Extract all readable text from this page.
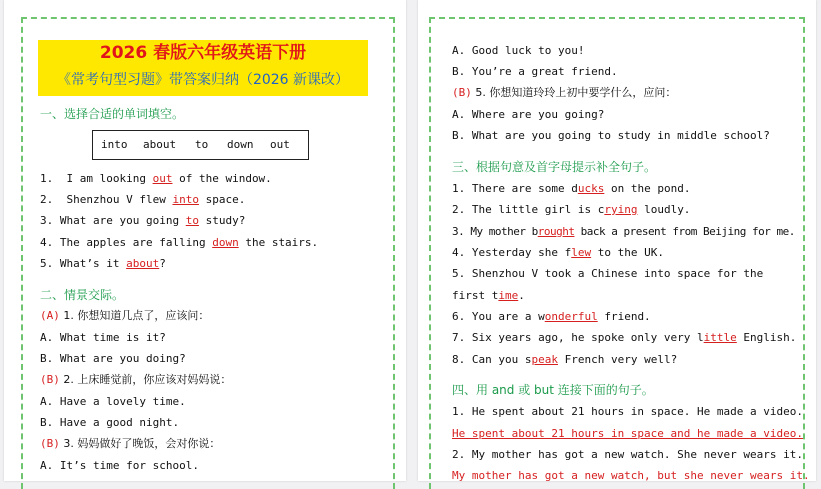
2026 春版六年级英语下册
《常考句型习题》带答案归纳（2026 新课改）
一、选择合适的单词填空。
into about to down out
1. I am looking out of the window.
2. Shenzhou V flew into space.
3. What are you going to study?
4. The apples are falling down the stairs.
5. What’s it about?
二、情景交际。
(A) 1. 你想知道几点了，应该问：
A. What time is it?
B. What are you doing?
(B) 2. 上床睡觉前，你应该对妈妈说：
A. Have a lovely time.
B. Have a good night.
(B) 3. 妈妈做好了晚饭，会对你说：
A. It’s time for school.
A. Good luck to you!
B. You’re a great friend.
(B) 5. 你想知道玲玲上初中要学什么，应问：
A. Where are you going?
B. What are you going to study in middle school?
三、根据句意及首字母提示补全句子。
1. There are some ducks on the pond.
2. The little girl is crying loudly.
3. My mother brought back a present from Beijing for me.
4. Yesterday she flew to the UK.
5. Shenzhou V took a Chinese into space for the
first time.
6. You are a wonderful friend.
7. Six years ago, he spoke only very little English.
8. Can you speak French very well?
四、用 and 或 but 连接下面的句子。
1. He spent about 21 hours in space. He made a video.
He spent about 21 hours in space and he made a video.
2. My mother has got a new watch. She never wears it.
My mother has got a new watch, but she never wears it.
